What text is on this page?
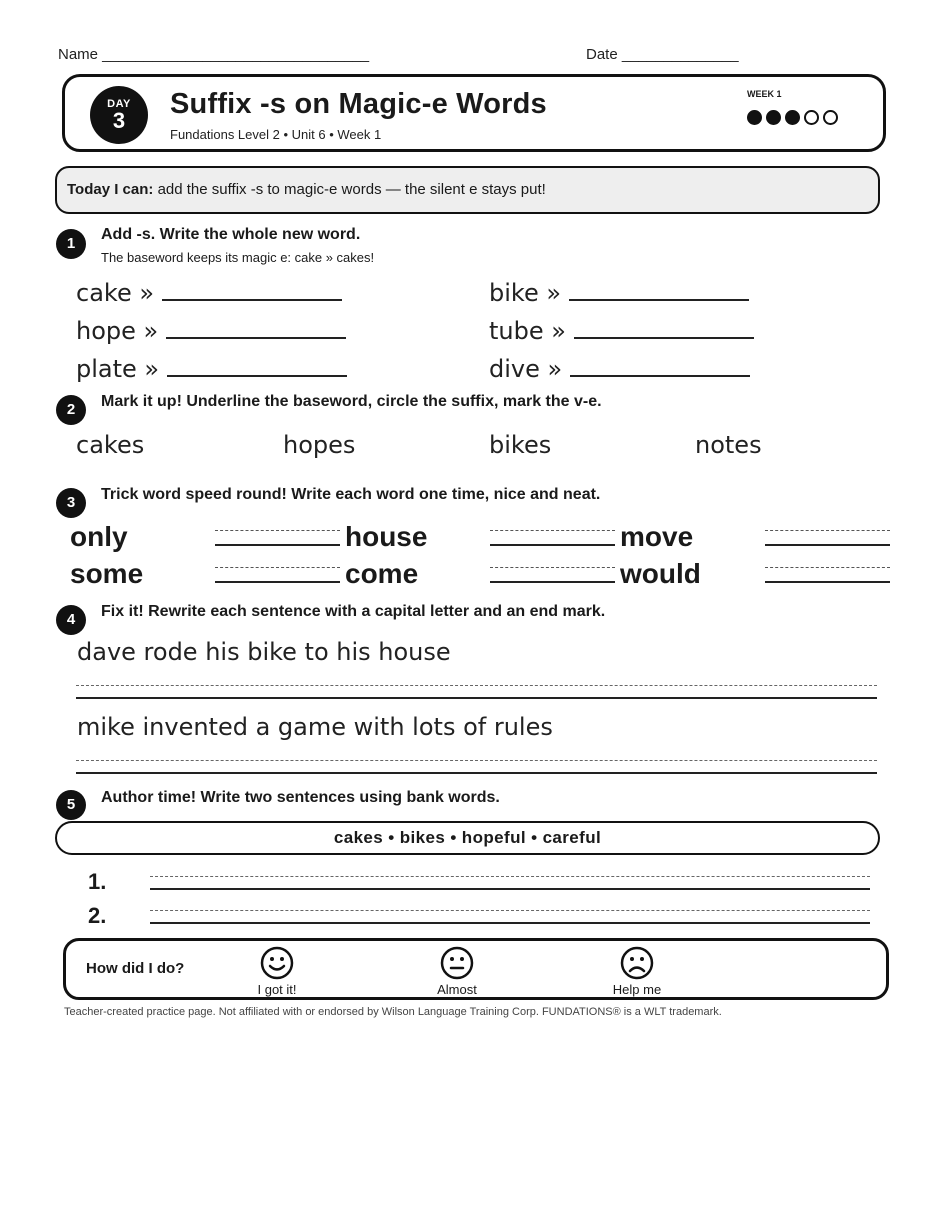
Name ________________________________	Date ______________
DAY
3
Suffix -s on Magic-e Words
Fundations Level 2 • Unit 6 • Week 1
WEEK 1
Today I can: add the suffix -s to magic-e words — the silent e stays put!
1
Add -s. Write the whole new word.
The baseword keeps its magic e: cake » cakes!
cake »	bike »
hope »	tube »
plate »	dive »
2	Mark it up! Underline the baseword, circle the suffix, mark the v-e.
cakes	hopes	bikes	notes
3	Trick word speed round! Write each word one time, nice and neat.
only	house	move
some	come	would
4	Fix it! Rewrite each sentence with a capital letter and an end mark.
dave rode his bike to his house
mike invented a game with lots of rules
5	Author time! Write two sentences using bank words.
cakes • bikes • hopeful • careful
1.
2.
How did I do?
I got it!	Almost	Help me
Teacher-created practice page. Not affiliated with or endorsed by Wilson Language Training Corp. FUNDATIONS® is a WLT trademark.
